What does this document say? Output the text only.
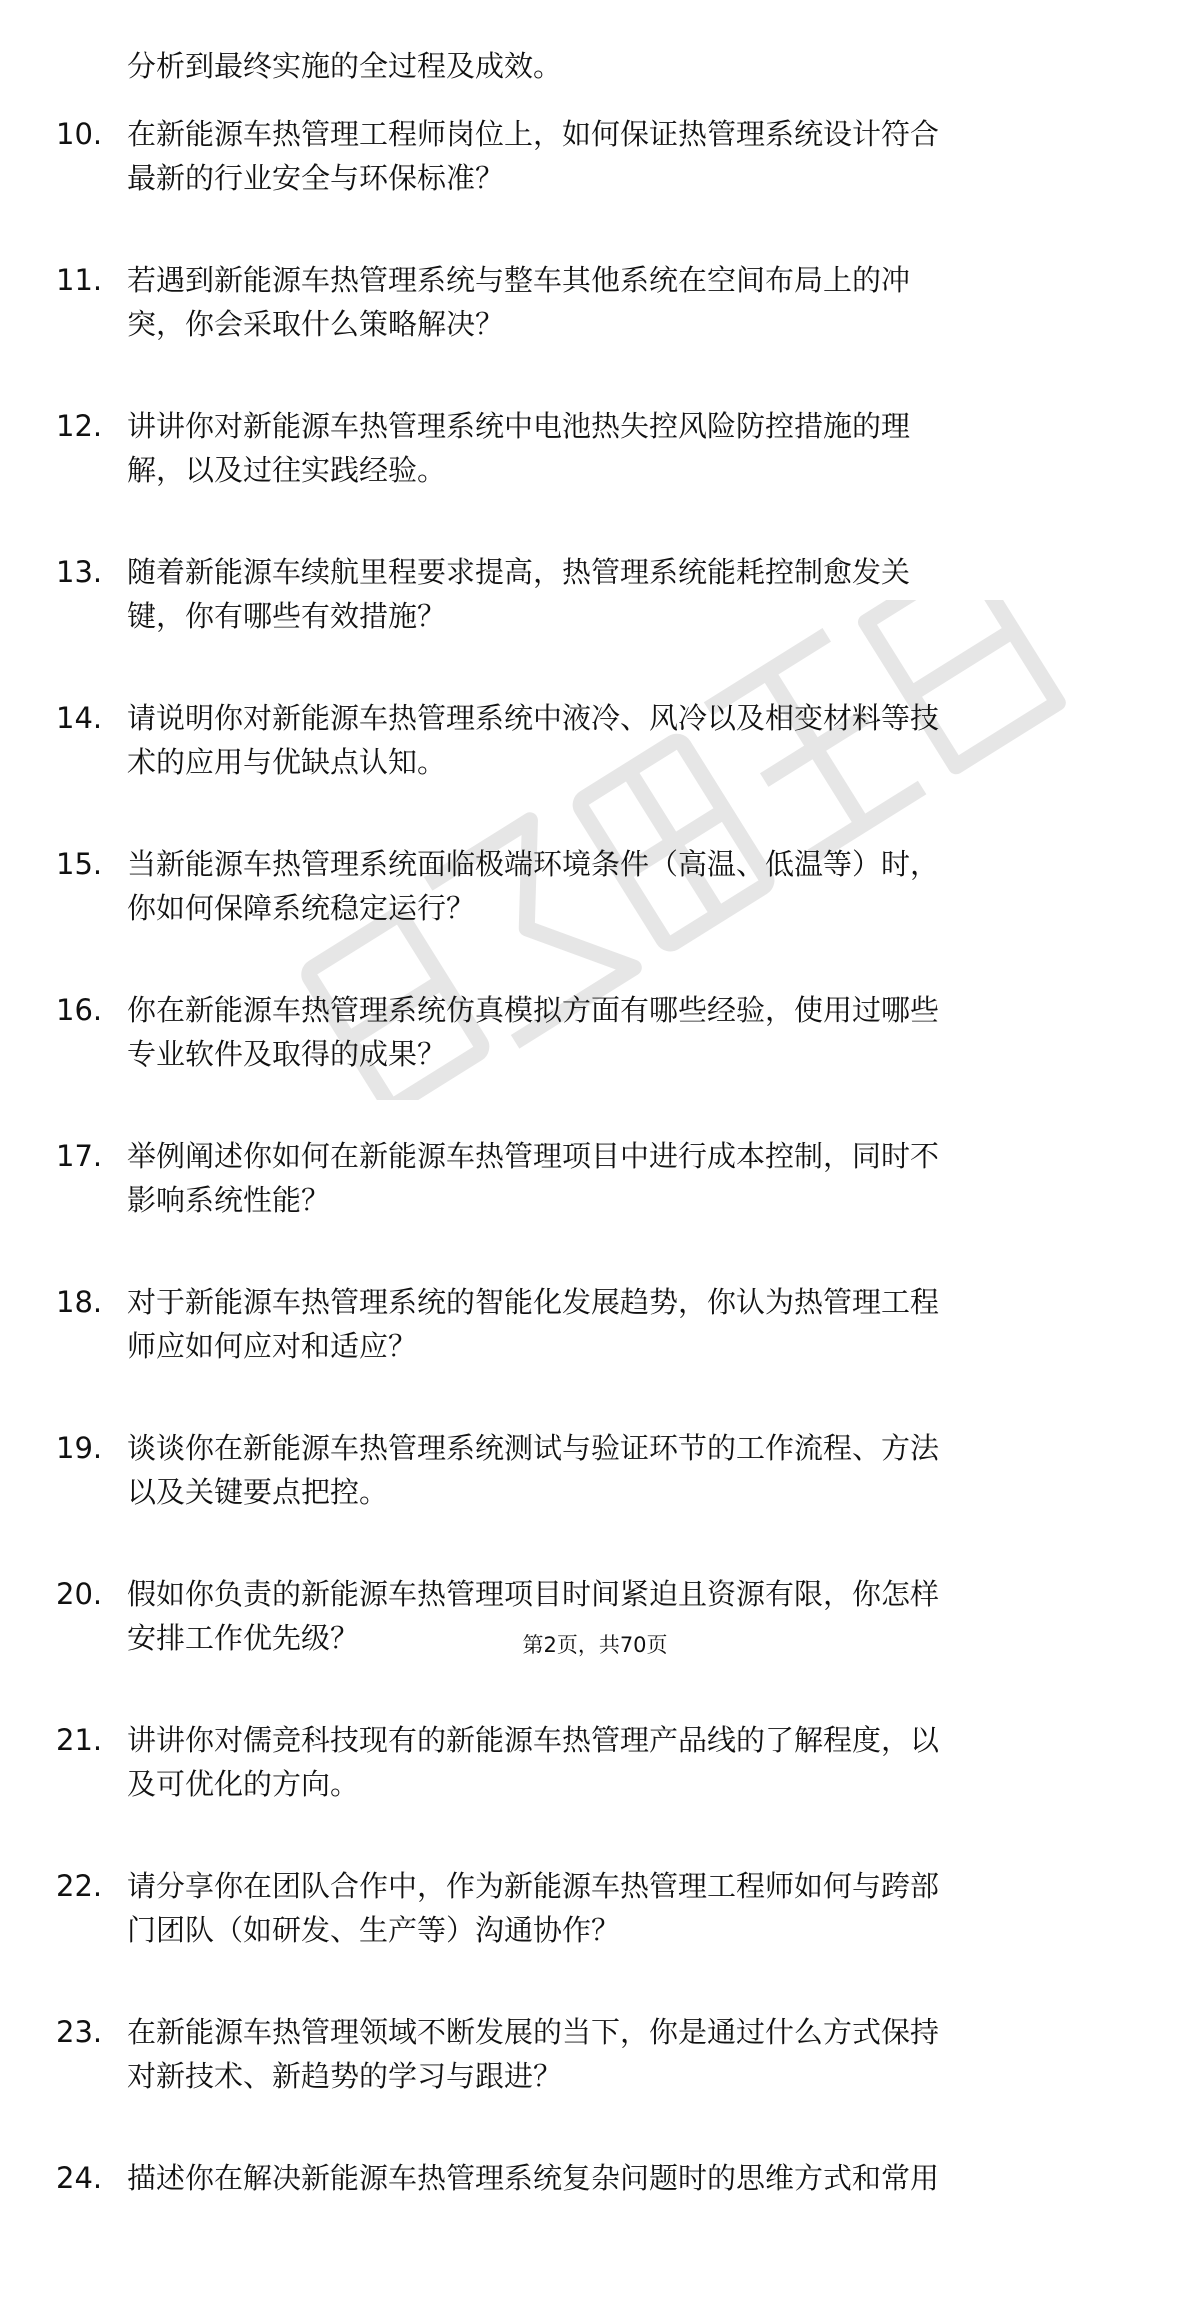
分析到最终实施的全过程及成效。
10. 在新能源车热管理工程师岗位上，如何保证热管理系统设计符合
最新的行业安全与环保标准？
11. 若遇到新能源车热管理系统与整车其他系统在空间布局上的冲
突，你会采取什么策略解决？
12. 讲讲你对新能源车热管理系统中电池热失控风险防控措施的理
解，以及过往实践经验。
13. 随着新能源车续航里程要求提高，热管理系统能耗控制愈发关
键，你有哪些有效措施？
14. 请说明你对新能源车热管理系统中液冷、风冷以及相变材料等技
术的应用与优缺点认知。
15. 当新能源车热管理系统面临极端环境条件（高温、低温等）时，
你如何保障系统稳定运行？
16. 你在新能源车热管理系统仿真模拟方面有哪些经验，使用过哪些
专业软件及取得的成果？
17. 举例阐述你如何在新能源车热管理项目中进行成本控制，同时不
影响系统性能？
18. 对于新能源车热管理系统的智能化发展趋势，你认为热管理工程
师应如何应对和适应？
19. 谈谈你在新能源车热管理系统测试与验证环节的工作流程、方法
以及关键要点把控。
20. 假如你负责的新能源车热管理项目时间紧迫且资源有限，你怎样
安排工作优先级？
21. 讲讲你对儒竞科技现有的新能源车热管理产品线的了解程度，以
及可优化的方向。
22. 请分享你在团队合作中，作为新能源车热管理工程师如何与跨部
门团队（如研发、生产等）沟通协作？
23. 在新能源车热管理领域不断发展的当下，你是通过什么方式保持
对新技术、新趋势的学习与跟进？
24. 描述你在解决新能源车热管理系统复杂问题时的思维方式和常用
第2页，共70页
